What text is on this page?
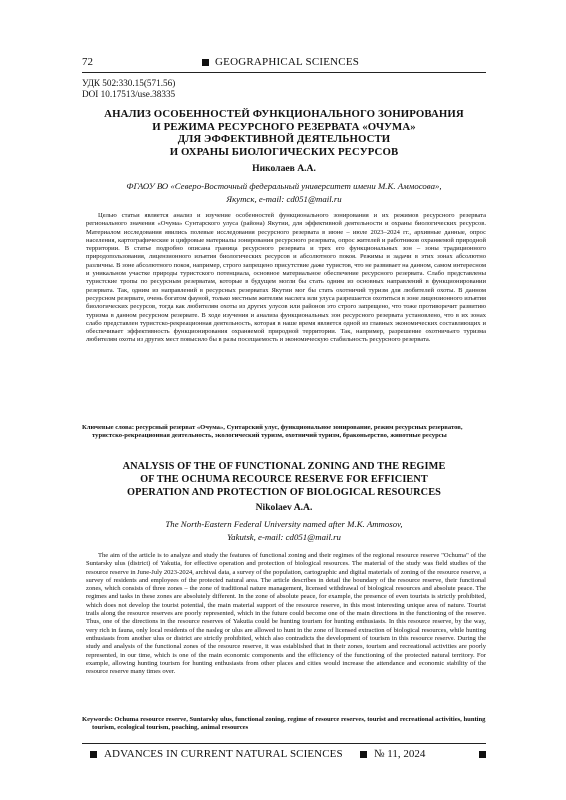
72	GEOGRAPHICAL SCIENCES
УДК 502:330.15(571.56)
DOI 10.17513/use.38335
АНАЛИЗ ОСОБЕННОСТЕЙ ФУНКЦИОНАЛЬНОГО ЗОНИРОВАНИЯ
И РЕЖИМА РЕСУРСНОГО РЕЗЕРВАТА «ОЧУМА»
ДЛЯ ЭФФЕКТИВНОЙ ДЕЯТЕЛЬНОСТИ
И ОХРАНЫ БИОЛОГИЧЕСКИХ РЕСУРСОВ
Николаев А.А.
ФГАОУ ВО «Северо-Восточный федеральный университет имени М.К. Аммосова»,
Якутск, e-mail: cd051@mail.ru
Целью статьи является анализ и изучение особенностей функционального зонирования и их режимов ресурсного резервата регионального значения «Очума» Сунтарского улуса (района) Якутии, для эффективной деятельности и охраны биологических ресурсов. Материалом исследования явились полевые исследования ресурсного резервата в июне – июле 2023–2024 гг., архивные данные, опрос населения, картографические и цифровые материалы зонирования ресурсного резервата, опрос жителей и работников охраняемой природной территории. В статье подробно описана граница ресурсного резервата и трех его функциональных зон – зоны традиционного природопользования, лицензионного изъятия биологических ресурсов и абсолютного покоя. Режимы и задачи в этих зонах абсолютно различны. В зоне абсолютного покоя, например, строго запрещено присутствие даже туристов, что не развивает на данном, самом интересном и уникальном участке природы туристского потенциала, основное материальное обеспечение ресурсного резервата. Слабо представлены туристские тропы по ресурсным резерватам, которые в будущем могли бы стать одним из основных направлений в функционировании резервата. Так, одним из направлений в ресурсных резерватах Якутии мог бы стать охотничий туризм для любителей охоты. В данном ресурсном резервате, очень богатом фауной, только местным жителям наслега или улуса разрешается охотиться в зоне лицензионного изъятия биологических ресурсов, тогда как любителям охоты из других улусов или районов это строго запрещено, что тоже противоречит развитию туризма в данном ресурсном резервате. В ходе изучения и анализа функциональных зон ресурсного резервата установлено, что в их зонах слабо представлен туристско-рекреационная деятельность, которая в наше время является одной из главных экономических составляющих и обеспечивает эффективность функционирования охраняемой природной территории. Так, например, разрешение охотничьего туризма любителям охоты из других мест повысило бы в разы посещаемость и экономическую стабильность ресурсного резервата.
Ключевые слова: ресурсный резерват «Очума», Сунтарский улус, функциональное зонирование, режим ресурсных резерватов, туристско-рекреационная деятельность, экологический туризм, охотничий туризм, браконьерство, животные ресурсы
ANALYSIS OF THE OF FUNCTIONAL ZONING AND THE REGIME
OF THE OCHUMA RECOURCE RESERVE FOR EFFICIENT
OPERATION AND PROTECTION OF BIOLOGICAL RESOURCES
Nikolaev A.A.
The North-Eastern Federal University named after M.K. Ammosov,
Yakutsk, e-mail: cd051@mail.ru
The aim of the article is to analyze and study the features of functional zoning and their regimes of the regional resource reserve "Ochuma" of the Suntarsky ulus (district) of Yakutia, for effective operation and protection of biological resources. The material of the study was field studies of the resource reserve in June-July 2023-2024, archival data, a survey of the population, cartographic and digital materials of zoning of the resource reserve, a survey of residents and employees of the protected natural area. The article describes in detail the boundary of the resource reserve, their functional zones, which consists of three zones – the zone of traditional nature management, licensed withdrawal of biological resources and absolute peace. The regimes and tasks in these zones are absolutely different. In the zone of absolute peace, for example, the presence of even tourists is strictly prohibited, which does not develop the tourist potential, the main material support of the resource reserve, in this most interesting unique area of nature. Tourist trails along the resource reserves are poorly represented, which in the future could become one of the main directions in the functioning of the reserve. Thus, one of the directions in the resource reserves of Yakutia could be hunting tourism for hunting enthusiasts. In this resource reserve, by the way, very rich in fauna, only local residents of the nasleg or ulus are allowed to hunt in the zone of licensed extraction of biological resources, while hunting enthusiasts from another ulus or district are strictly prohibited, which also contradicts the development of tourism in this resource reserve. During the study and analysis of the functional zones of the resource reserve, it was established that in their zones, tourism and recreational activities are poorly represented, in our time, which is one of the main economic components and the efficiency of the functioning of the protected natural territory. For example, allowing hunting tourism for hunting enthusiasts from other places and cities would increase the attendance and economic stability of the resource reserve many times over.
Keywords: Ochuma resource reserve, Suntarsky ulus, functional zoning, regime of resource reserves, tourist and recreational activities, hunting tourism, ecological tourism, poaching, animal resources
ADVANCES IN CURRENT NATURAL SCIENCES	№ 11, 2024
